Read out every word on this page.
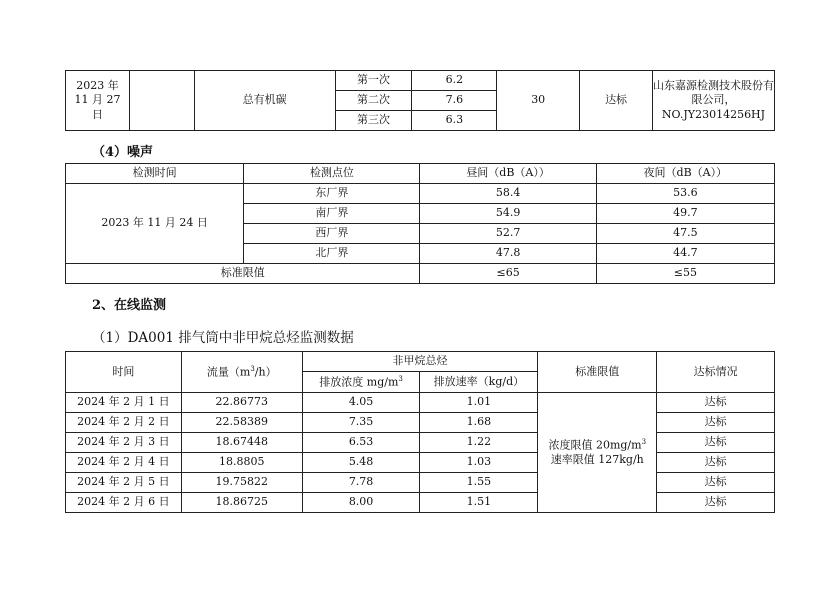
2023 年 11 月 27 日		总有机碳	第一次	6.2	30	达标	山东嘉源检测技术股份有限公司，
NO.JY23014256HJ

			第二次	7.6			
			第三次	6.3			
（4）噪声
检测时间	检测点位	昼间（dB（A））	夜间（dB（A））
2023 年 11 月 24 日	东厂界	58.4	53.6
	南厂界	54.9	49.7
	西厂界	52.7	47.5
	北厂界	47.8	44.7
标准限值		≤65	≤55
2、在线监测
（1）DA001 排气筒中非甲烷总烃监测数据
时间	流量$(m^3/h)$	非甲烷总烃		标准限值	达标情况
		排放浓度 $mg/m^3$	排放速率（kg/d）		
2024 年 2 月 1 日	22.86773	4.05	1.01	浓度限值 $20mg/m^3$
速率限值 127kg/h	达标
2024 年 2 月 2 日	22.58389	7.35	1.68		达标
2024 年 2 月 3 日	18.67448	6.53	1.22		达标
2024 年 2 月 4 日	18.8805	5.48	1.03		达标
2024 年 2 月 5 日	19.75822	7.78	1.55		达标
2024 年 2 月 6 日	18.86725	8.00	1.51		达标
